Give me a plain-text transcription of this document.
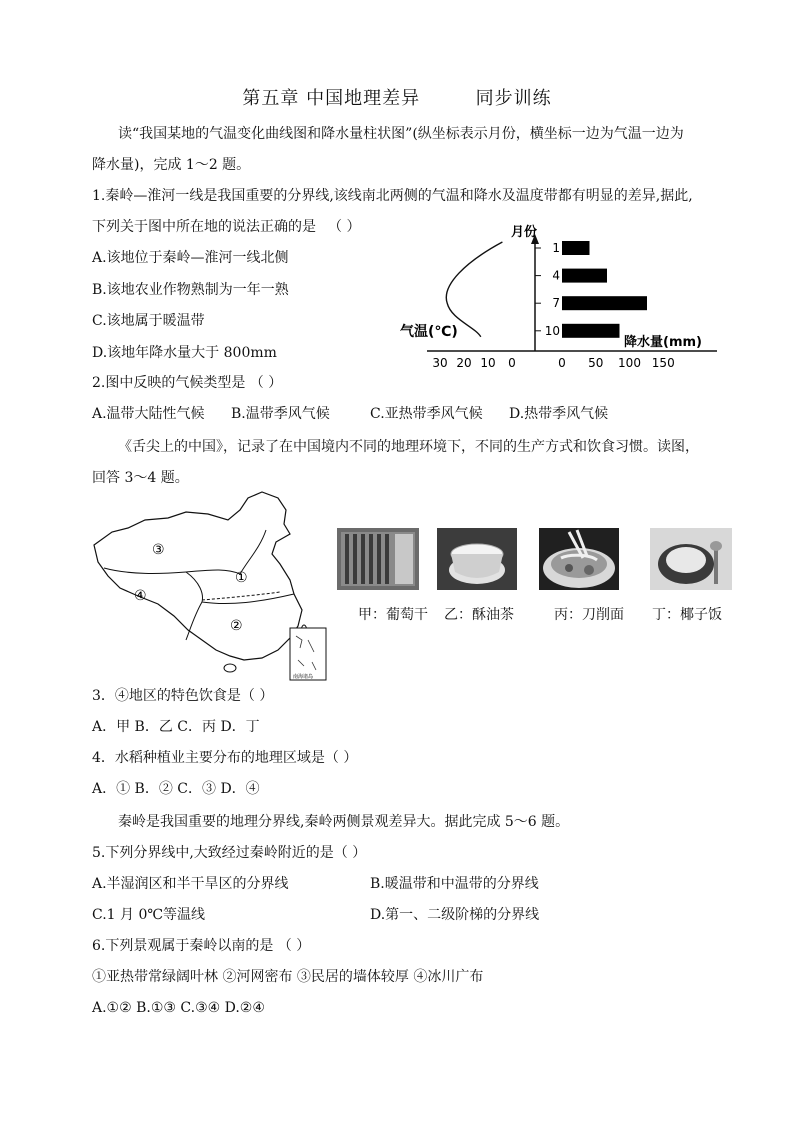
第五章 中国地理差异	同步训练
读“我国某地的气温变化曲线图和降水量柱状图”(纵坐标表示月份，横坐标一边为气温一边为
降水量)，完成 1～2 题。
1.秦岭—淮河一线是我国重要的分界线,该线南北两侧的气温和降水及温度带都有明显的差异,据此,
下列关于图中所在地的说法正确的是 （ ）
A.该地位于秦岭—淮河一线北侧
B.该地农业作物熟制为一年一熟
C.该地属于暖温带
D.该地年降水量大于 800mm
月份
气温(℃)
降水量(mm)
1
4
7
10
0 50 100 150
30 20 10 0
2.图中反映的气候类型是 （ ）
A.温带大陆性气候 B.温带季风气候	C.亚热带季风气候 D.热带季风气候
《舌尖上的中国》，记录了在中国境内不同的地理环境下，不同的生产方式和饮食习惯。读图，
回答 3～4 题。
③
④
①
②
南海诸岛
甲：葡萄干 乙：酥油茶	丙：刀削面 丁：椰子饭
3．④地区的特色饮食是（ ）
A．甲 B．乙 C．丙 D．丁
4．水稻种植业主要分布的地理区域是（ ）
A．① B．② C．③ D．④
秦岭是我国重要的地理分界线,秦岭两侧景观差异大。据此完成 5～6 题。
5.下列分界线中,大致经过秦岭附近的是（ ）
A.半湿润区和半干旱区的分界线	B.暖温带和中温带的分界线
C.1 月 0℃等温线	D.第一、二级阶梯的分界线
6.下列景观属于秦岭以南的是 （ ）
①亚热带常绿阔叶林 ②河网密布 ③民居的墙体较厚 ④冰川广布
A.①② B.①③ C.③④ D.②④
